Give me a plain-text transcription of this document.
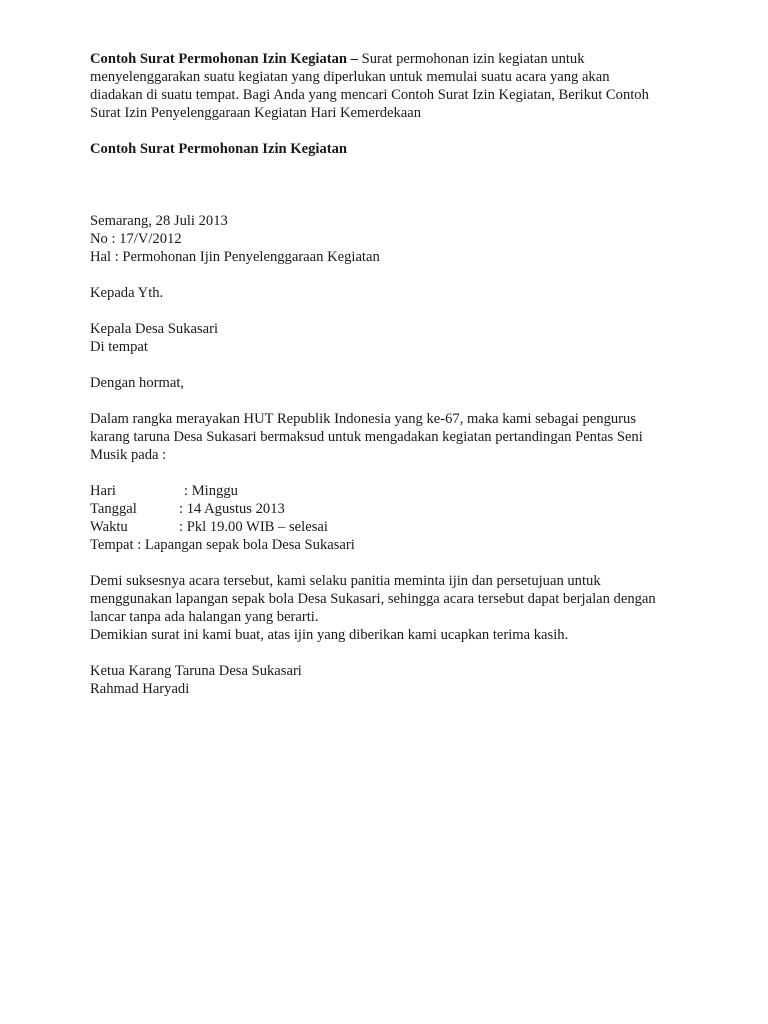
Contoh Surat Permohonan Izin Kegiatan – Surat permohonan izin kegiatan untuk
menyelenggarakan suatu kegiatan yang diperlukan untuk memulai suatu acara yang akan
diadakan di suatu tempat. Bagi Anda yang mencari Contoh Surat Izin Kegiatan, Berikut Contoh
Surat Izin Penyelenggaraan Kegiatan Hari Kemerdekaan
Contoh Surat Permohonan Izin Kegiatan
Semarang, 28 Juli 2013
No : 17/V/2012
Hal : Permohonan Ijin Penyelenggaraan Kegiatan
Kepada Yth.
Kepala Desa Sukasari
Di tempat
Dengan hormat,
Dalam rangka merayakan HUT Republik Indonesia yang ke-67, maka kami sebagai pengurus
karang taruna Desa Sukasari bermaksud untuk mengadakan kegiatan pertandingan Pentas Seni
Musik pada :
Hari	: Minggu
Tanggal	: 14 Agustus 2013
Waktu	: Pkl 19.00 WIB – selesai
Tempat : Lapangan sepak bola Desa Sukasari
Demi suksesnya acara tersebut, kami selaku panitia meminta ijin dan persetujuan untuk
menggunakan lapangan sepak bola Desa Sukasari, sehingga acara tersebut dapat berjalan dengan
lancar tanpa ada halangan yang berarti.
Demikian surat ini kami buat, atas ijin yang diberikan kami ucapkan terima kasih.
Ketua Karang Taruna Desa Sukasari
Rahmad Haryadi
